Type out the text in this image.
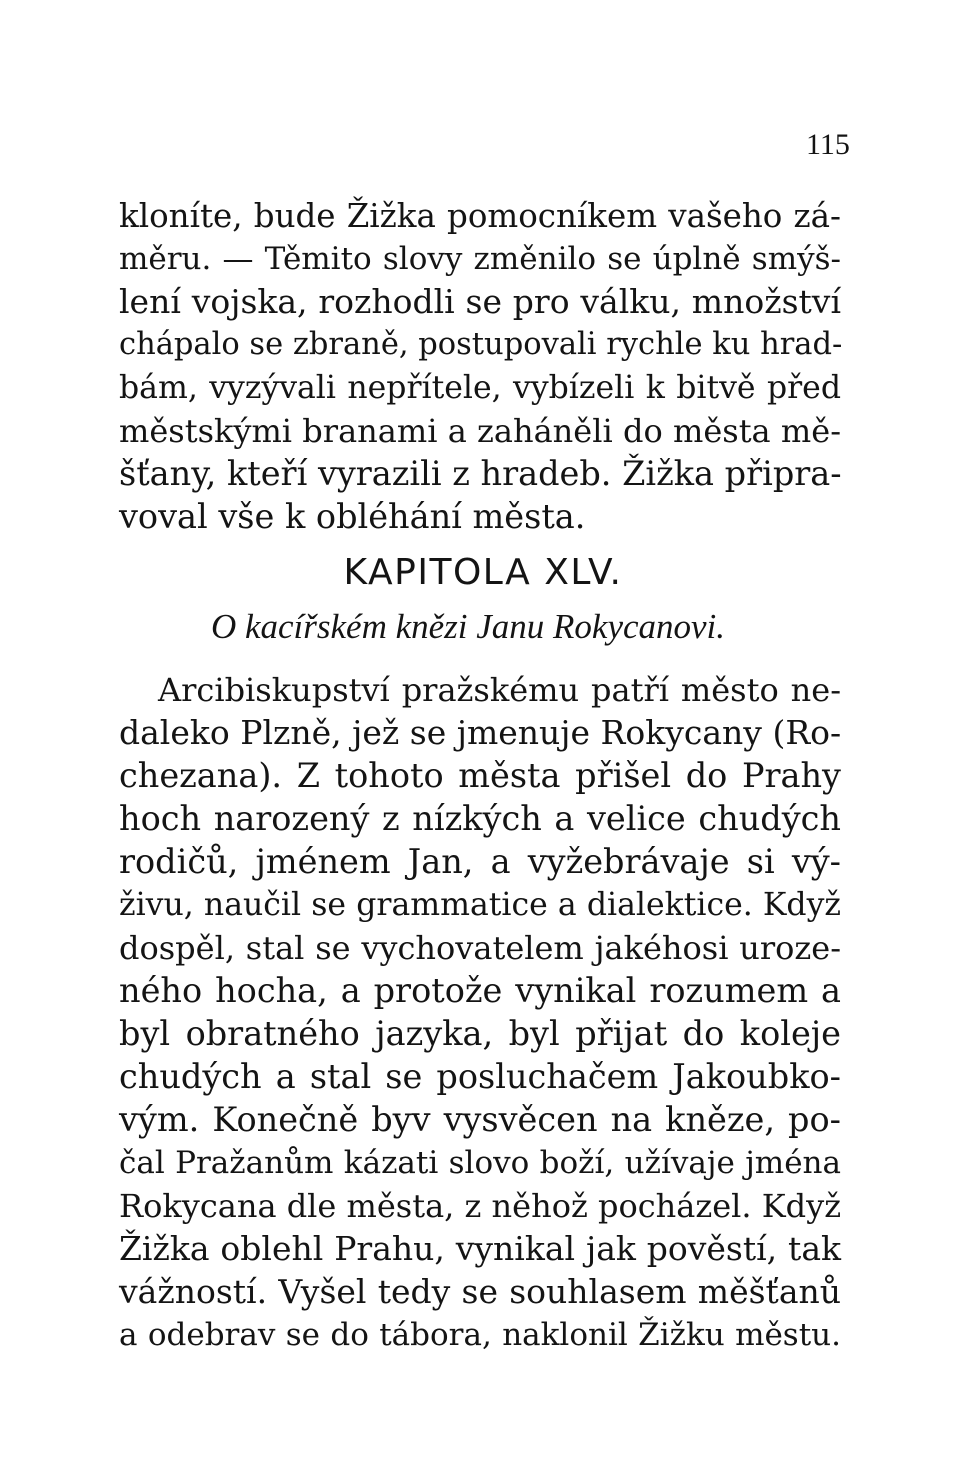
115
kloníte, bude Žižka pomocníkem vašeho zá-
měru. — Těmito slovy změnilo se úplně smýš-
lení vojska, rozhodli se pro válku, množství
chápalo se zbraně, postupovali rychle ku hrad-
bám, vyzývali nepřítele, vybízeli k bitvě před
městskými branami a zaháněli do města mě-
šťany, kteří vyrazili z hradeb. Žižka připra-
voval vše k obléhání města.
KAPITOLA XLV.
O kacířském knězi Janu Rokycanovi.
Arcibiskupství pražskému patří město ne-
daleko Plzně, jež se jmenuje Rokycany (Ro-
chezana). Z tohoto města přišel do Prahy
hoch narozený z nízkých a velice chudých
rodičů, jménem Jan, a vyžebrávaje si vý-
živu, naučil se grammatice a dialektice. Když
dospěl, stal se vychovatelem jakéhosi uroze-
ného hocha, a protože vynikal rozumem a
byl obratného jazyka, byl přijat do koleje
chudých a stal se posluchačem Jakoubko-
vým. Konečně byv vysvěcen na kněze, po-
čal Pražanům kázati slovo boží, užívaje jména
Rokycana dle města, z něhož pocházel. Když
Žižka oblehl Prahu, vynikal jak pověstí, tak
vážností. Vyšel tedy se souhlasem měšťanů
a odebrav se do tábora, naklonil Žižku městu.
